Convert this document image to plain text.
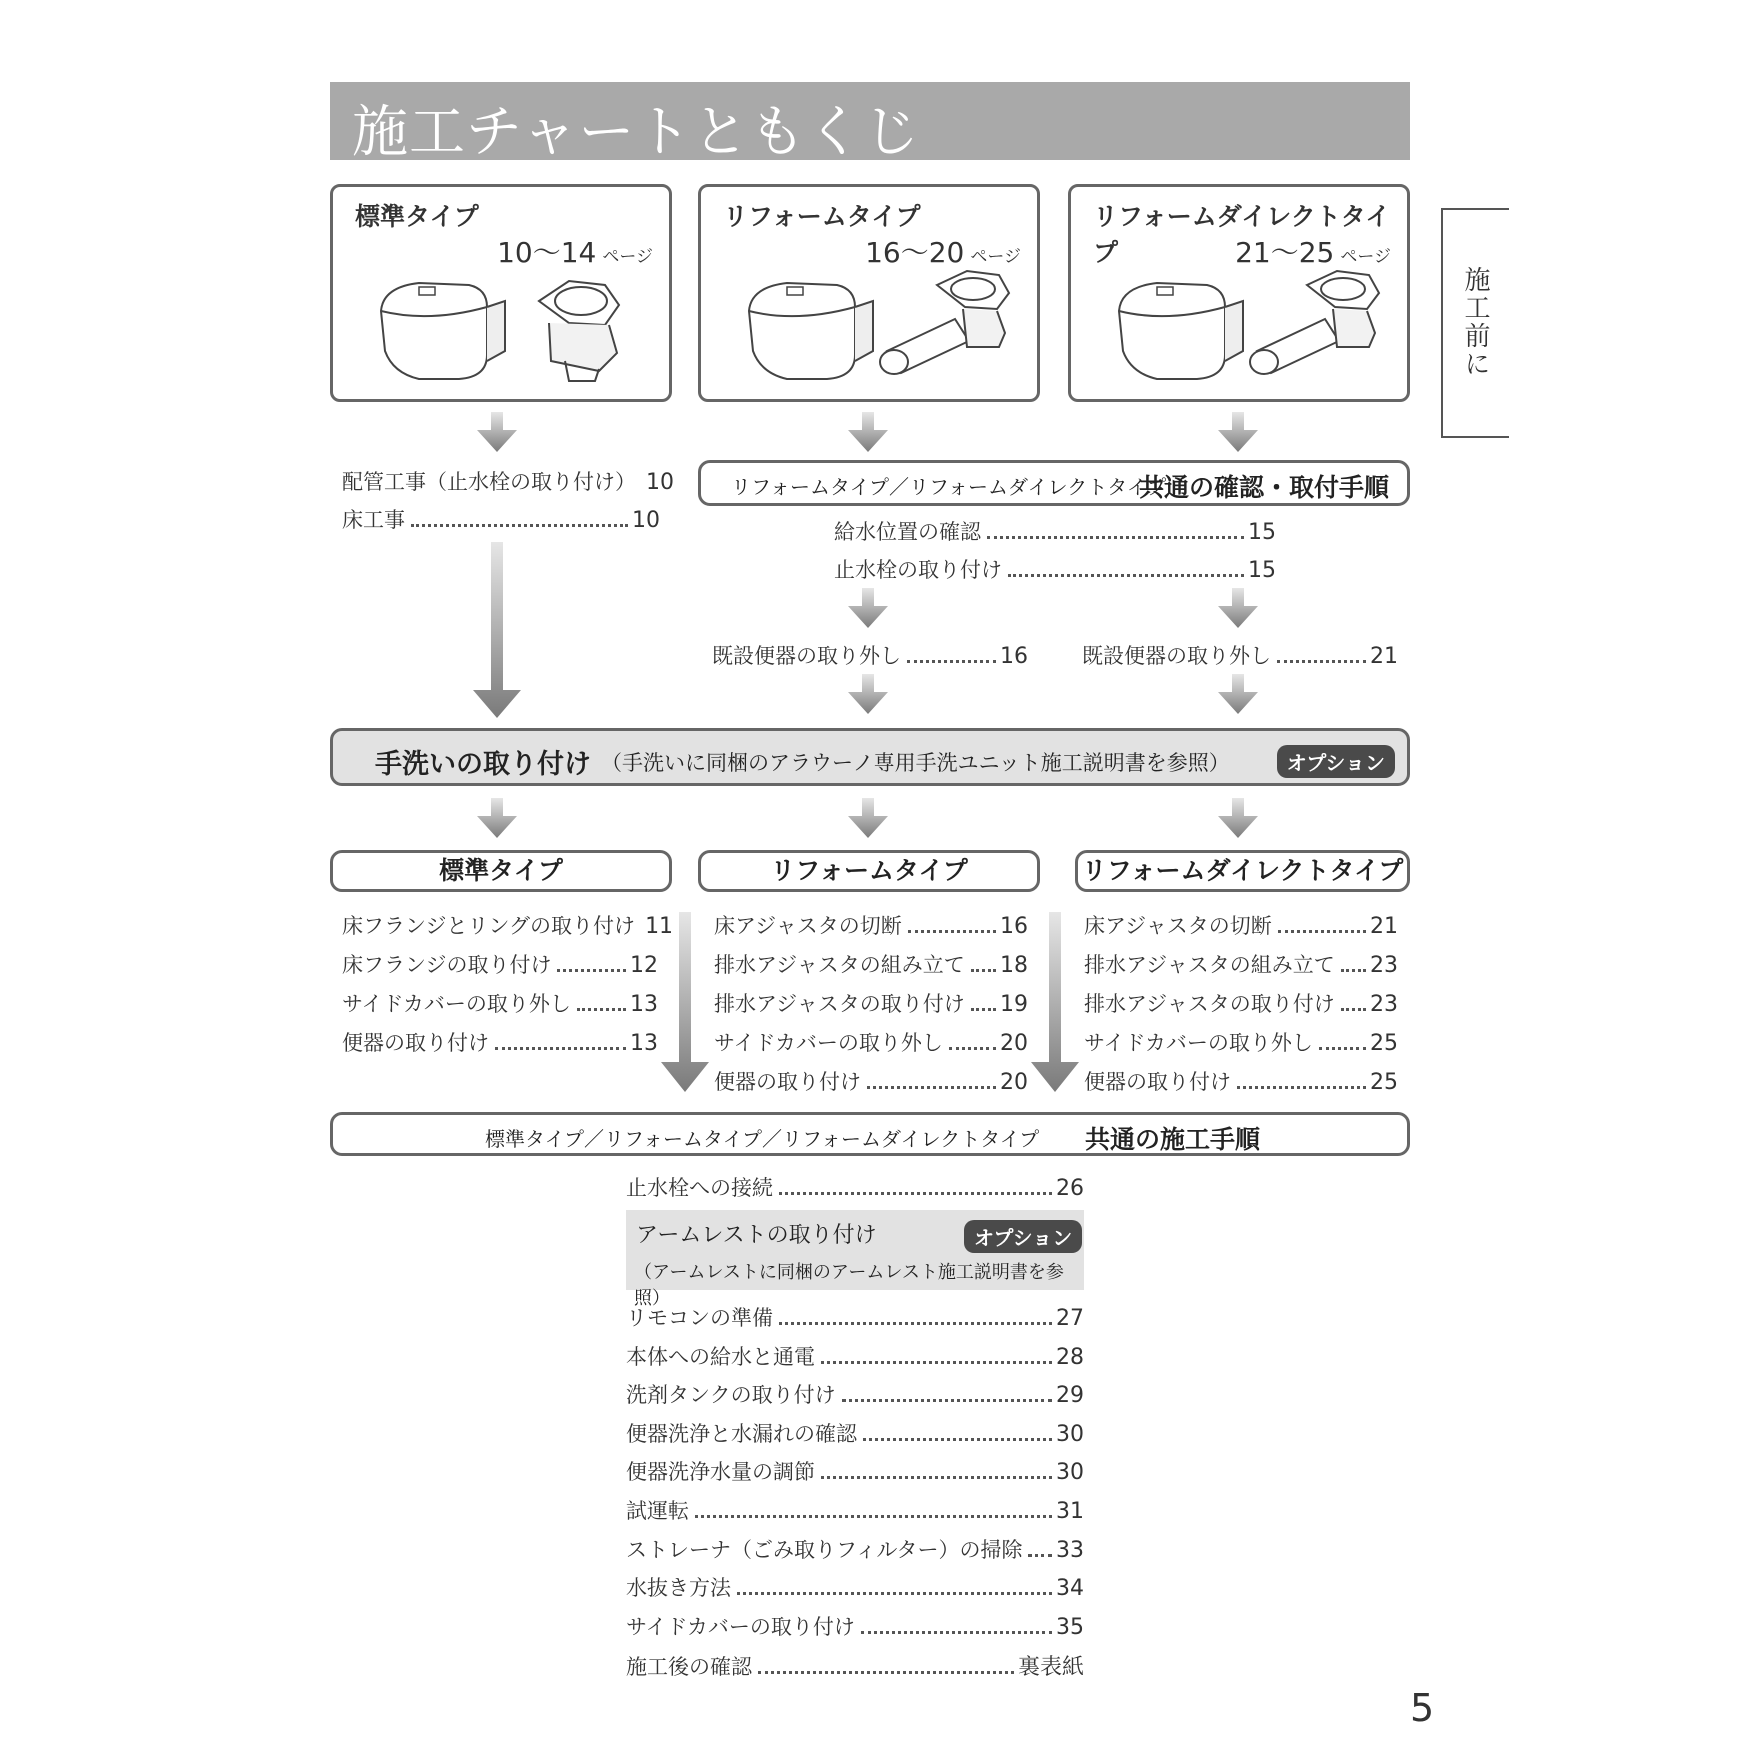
施工チャートともくじ
施工前に
標準タイプ
10〜14 ページ
リフォームタイプ
16〜20 ページ
リフォームダイレクトタイプ	21〜25 ページ
配管工事（止水栓の取り付け） 10
床工事	10
リフォームタイプ／リフォームダイレクトタイプ
共通の確認・取付手順
給水位置の確認	15
止水栓の取り付け	15
既設便器の取り外し	16	既設便器の取り外し	21
手洗いの取り付け （手洗いに同梱のアラウーノ専用手洗ユニット施工説明書を参照）	オプション
標準タイプ	リフォームタイプ	リフォームダイレクトタイプ
床フランジとリングの取り付け 11
床フランジの取り付け	12
サイドカバーの取り外し	13
便器の取り付け	13
床アジャスタの切断	16
排水アジャスタの組み立て 18
排水アジャスタの取り付け 19
サイドカバーの取り外し	20
便器の取り付け	20
床アジャスタの切断	21
排水アジャスタの組み立て 23
排水アジャスタの取り付け 23
サイドカバーの取り外し	25
便器の取り付け	25
標準タイプ／リフォームタイプ／リフォームダイレクトタイプ 共通の施工手順
止水栓への接続	26
アームレストの取り付け	オプション
（アームレストに同梱のアームレスト施工説明書を参照）
リモコンの準備	27
本体への給水と通電	28
洗剤タンクの取り付け	29
便器洗浄と水漏れの確認	30
便器洗浄水量の調節	30
試運転	31
ストレーナ（ごみ取りフィルター）の掃除 33
水抜き方法	34
サイドカバーの取り付け	35
施工後の確認	裏表紙
5
